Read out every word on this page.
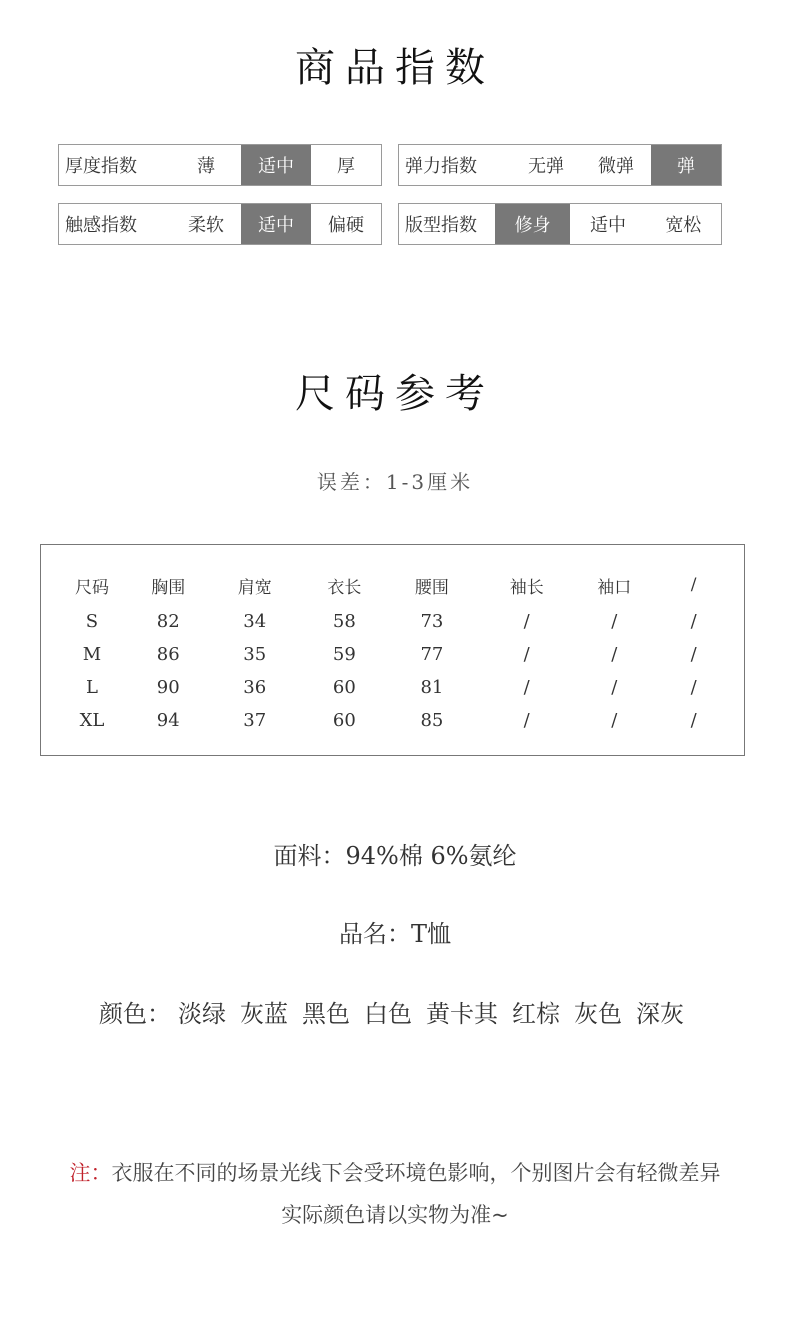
商品指数
厚度指数	薄	适中	厚	弹力指数	无弹	微弹	弹
触感指数	柔软	适中	偏硬	版型指数	修身	适中	宽松
尺码参考
误差：1-3厘米
尺码	胸围	肩宽	衣长	腰围	袖长	袖口	/
S	82	34	58	73	/	/	/
M	86	35	59	77	/	/	/
L	90	36	60	81	/	/	/
XL	94	37	60	85	/	/	/
面料：94%棉 6%氨纶
品名：T恤
颜色： 淡绿 灰蓝 黑色 白色 黄卡其 红棕 灰色 深灰
注：衣服在不同的场景光线下会受环境色影响，个别图片会有轻微差异
实际颜色请以实物为准~
